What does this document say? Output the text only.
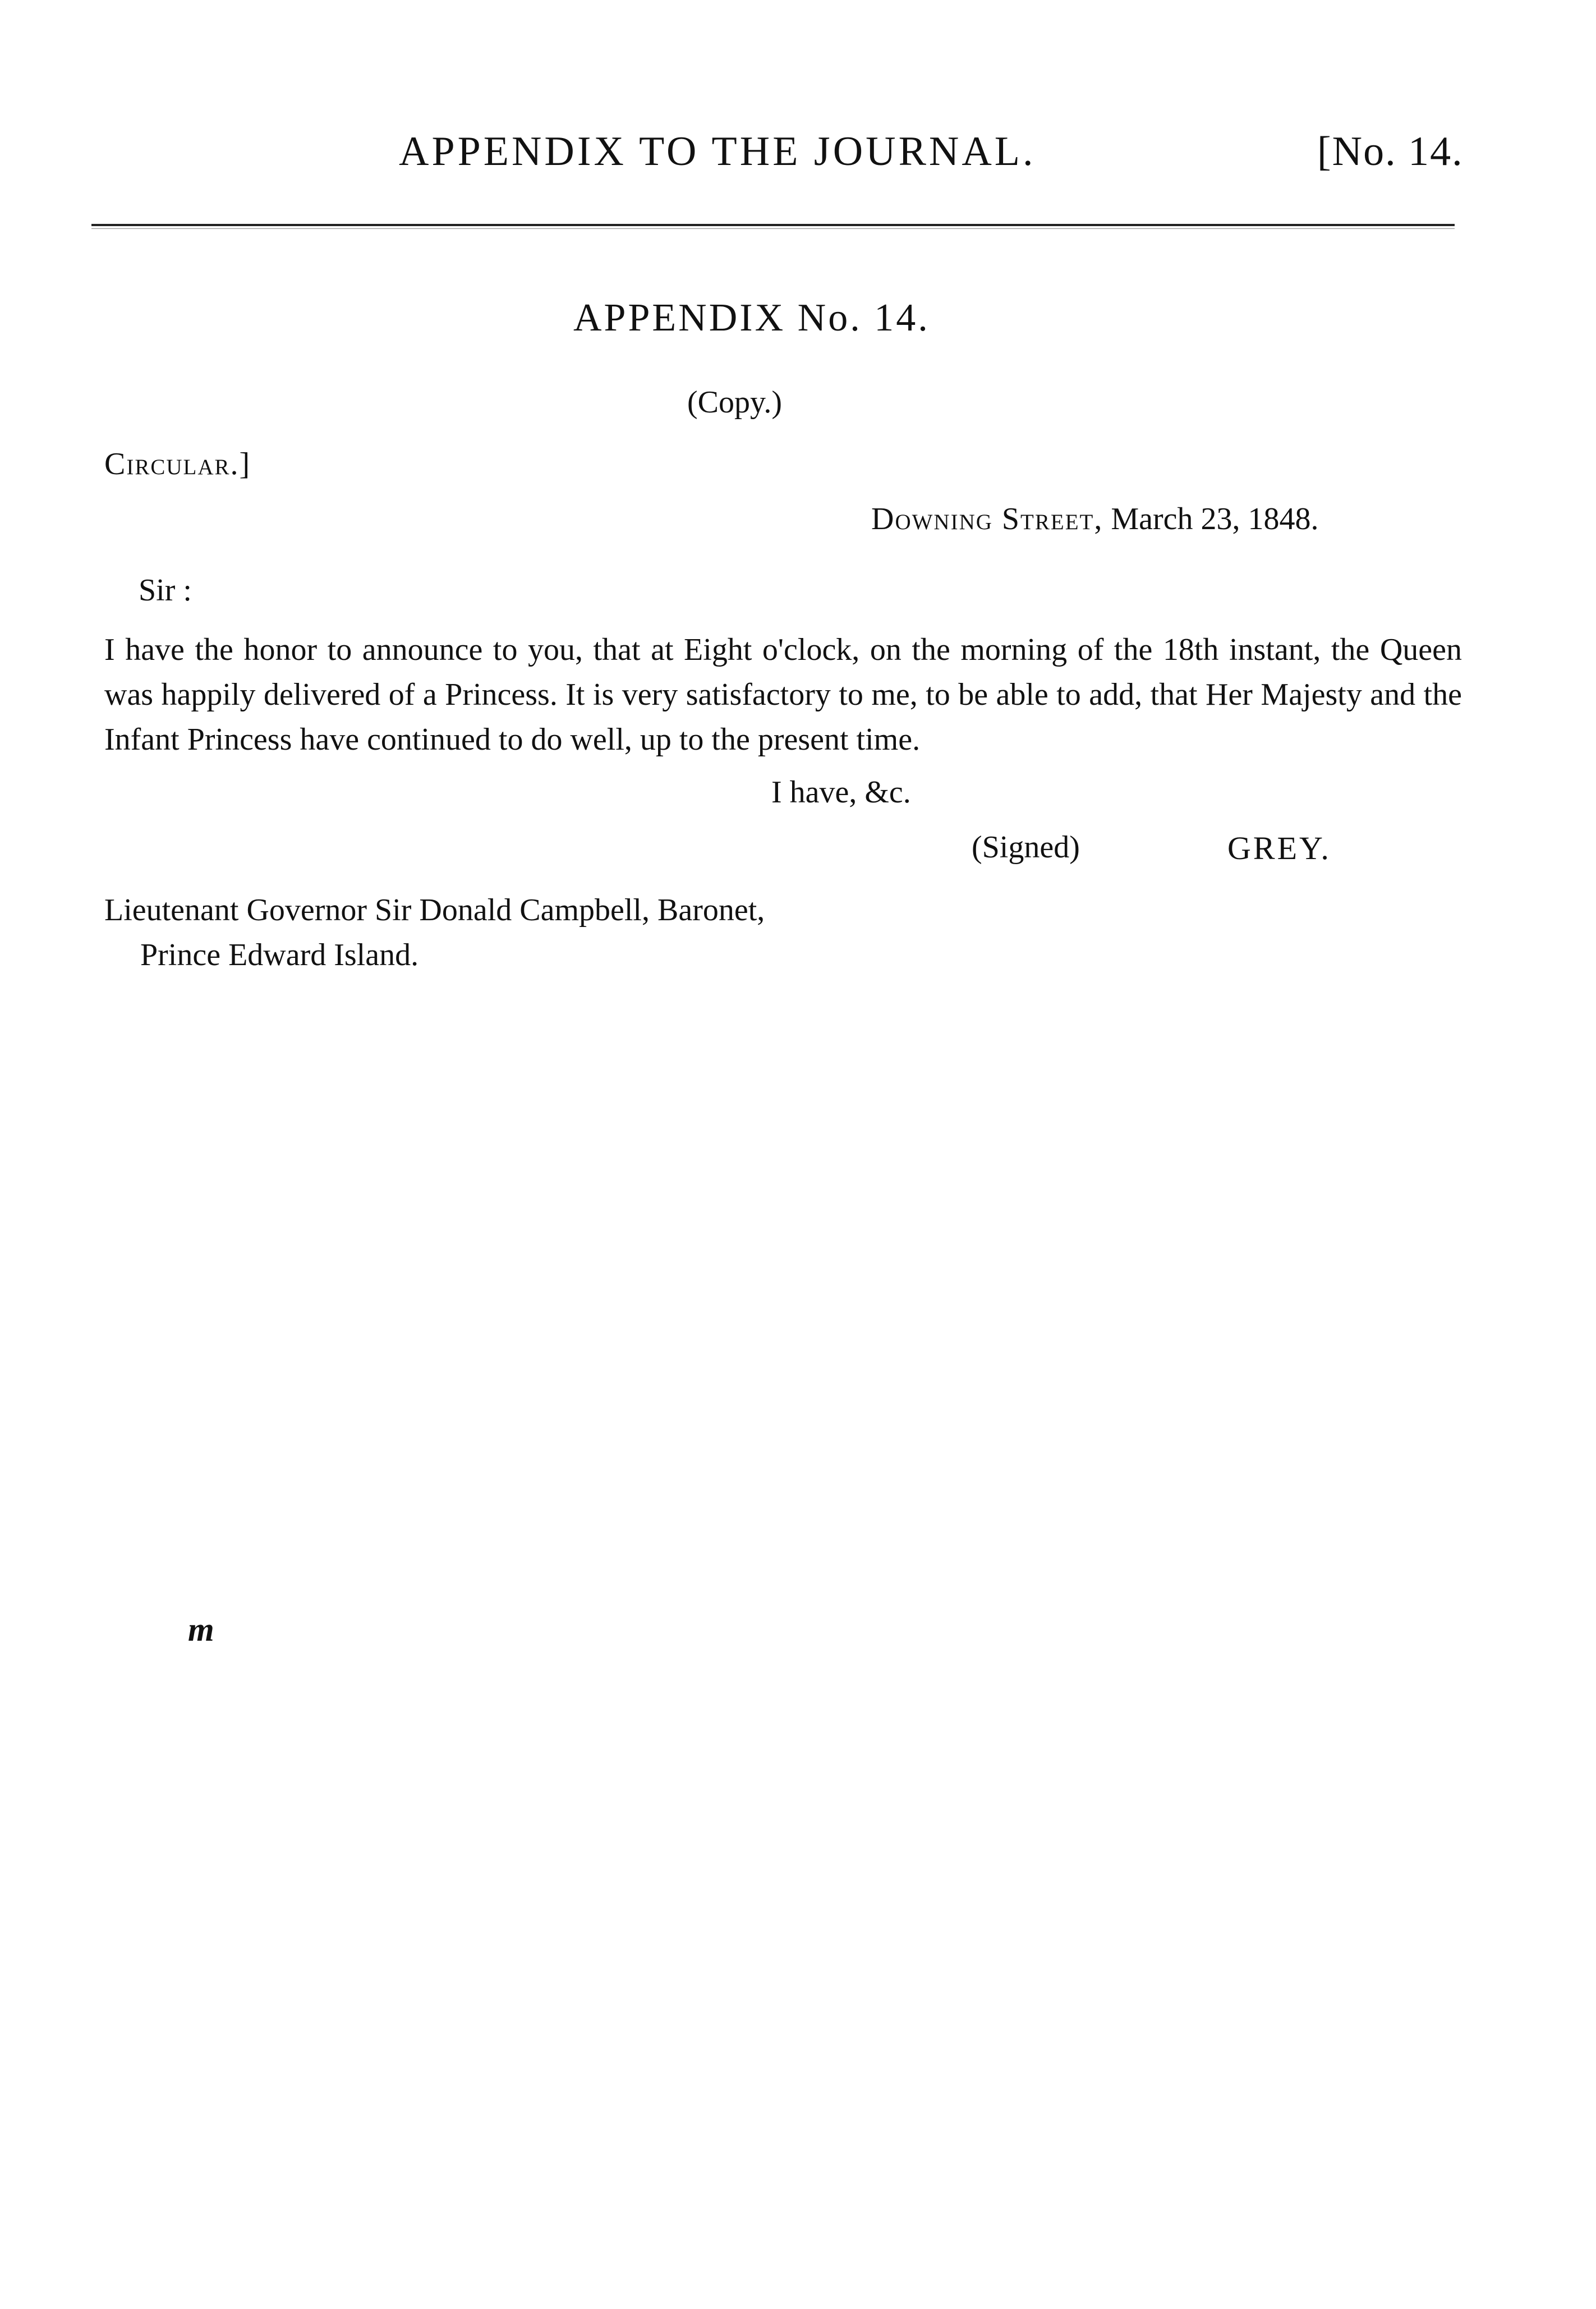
APPENDIX TO THE JOURNAL.	[No. 14.
APPENDIX No. 14.
(Copy.)
Circular.]
Downing Street, March 23, 1848.
Sir :
I have the honor to announce to you, that at Eight o'clock, on the morning of the 18th instant, the Queen was happily delivered of a Princess. It is very satisfactory to me, to be able to add, that Her Majesty and the Infant Princess have continued to do well, up to the present time.
I have, &c.
(Signed)	GREY.
Lieutenant Governor Sir Donald Campbell, Baronet,
Prince Edward Island.
m
